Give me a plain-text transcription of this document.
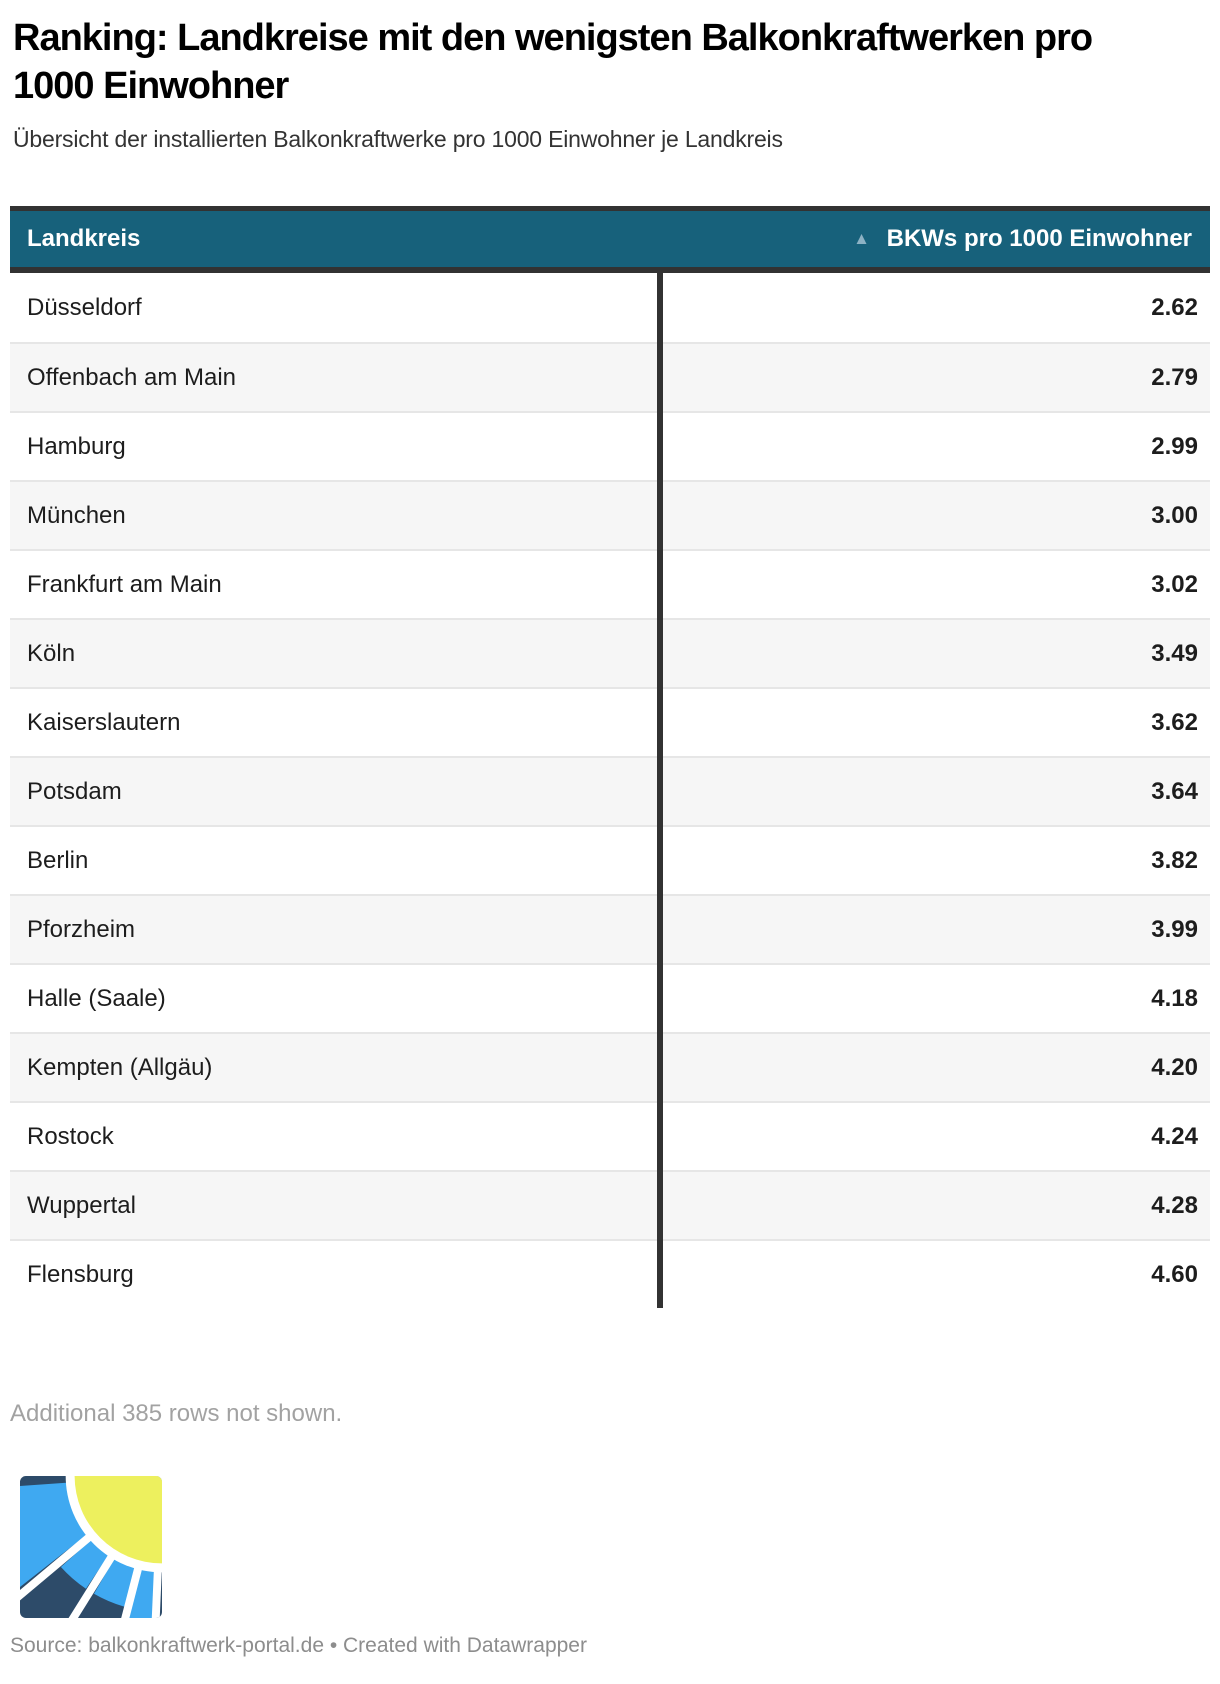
Ranking: Landkreise mit den wenigsten Balkonkraftwerken pro 1000 Einwohner

Übersicht der installierten Balkonkraftwerke pro 1000 Einwohner je Landkreis

Landkreis	▲ BKWs pro 1000 Einwohner
Düsseldorf	2.62
Offenbach am Main	2.79
Hamburg	2.99
München	3.00
Frankfurt am Main	3.02
Köln	3.49
Kaiserslautern	3.62
Potsdam	3.64
Berlin	3.82
Pforzheim	3.99
Halle (Saale)	4.18
Kempten (Allgäu)	4.20
Rostock	4.24
Wuppertal	4.28
Flensburg	4.60

Additional 385 rows not shown.

Source: balkonkraftwerk-portal.de • Created with Datawrapper
